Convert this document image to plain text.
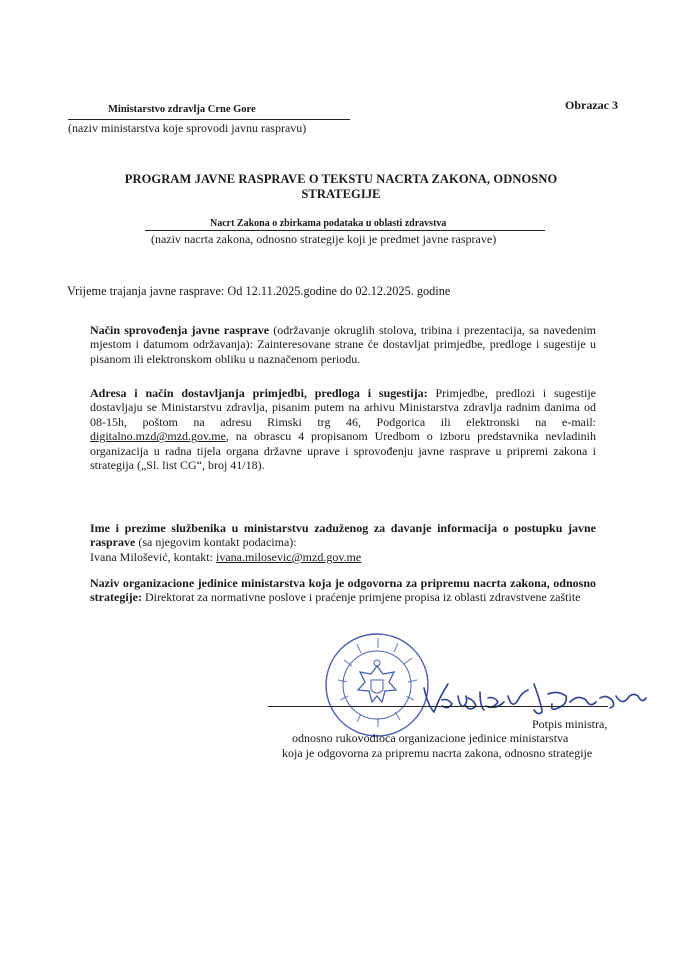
Ministarstvo zdravlja Crne Gore
(naziv ministarstva koje sprovodi javnu raspravu)
Obrazac 3
PROGRAM JAVNE RASPRAVE O TEKSTU NACRTA ZAKONA, ODNOSNO
STRATEGIJE
Nacrt Zakona o zbirkama podataka u oblasti zdravstva
(naziv nacrta zakona, odnosno strategije koji je predmet javne rasprave)
Vrijeme trajanja javne rasprave: Od 12.11.2025.godine do 02.12.2025. godine
Način sprovođenja javne rasprave (održavanje okruglih stolova, tribina i prezentacija, sa navedenim mjestom i datumom održavanja): Zainteresovane strane će dostavljat primjedbe, predloge i sugestije u pisanom ili elektronskom obliku u naznačenom periodu.
Adresa i način dostavljanja primjedbi, predloga i sugestija: Primjedbe, predlozi i sugestije dostavljaju se Ministarstvu zdravlja, pisanim putem na arhivu Ministarstva zdravlja radnim danima od 08-15h, poštom na adresu Rimski trg 46, Podgorica ili elektronski na e-mail: digitalno.mzd@mzd.gov.me, na obrascu 4 propisanom Uredbom o izboru predstavnika nevladinih organizacija u radna tijela organa državne uprave i sprovođenju javne rasprave u pripremi zakona i strategija („Sl. list CG“, broj 41/18).
Ime i prezime službenika u ministarstvu zaduženog za davanje informacija o postupku javne rasprave (sa njegovim kontakt podacima):
Ivana Milošević, kontakt: ivana.milosevic@mzd.gov.me
Naziv organizacione jedinice ministarstva koja je odgovorna za pripremu nacrta zakona, odnosno strategije: Direktorat za normativne poslove i praćenje primjene propisa iz oblasti zdravstvene zaštite
Potpis ministra,
odnosno rukovodioca organizacione jedinice ministarstva
koja je odgovorna za pripremu nacrta zakona, odnosno strategije
